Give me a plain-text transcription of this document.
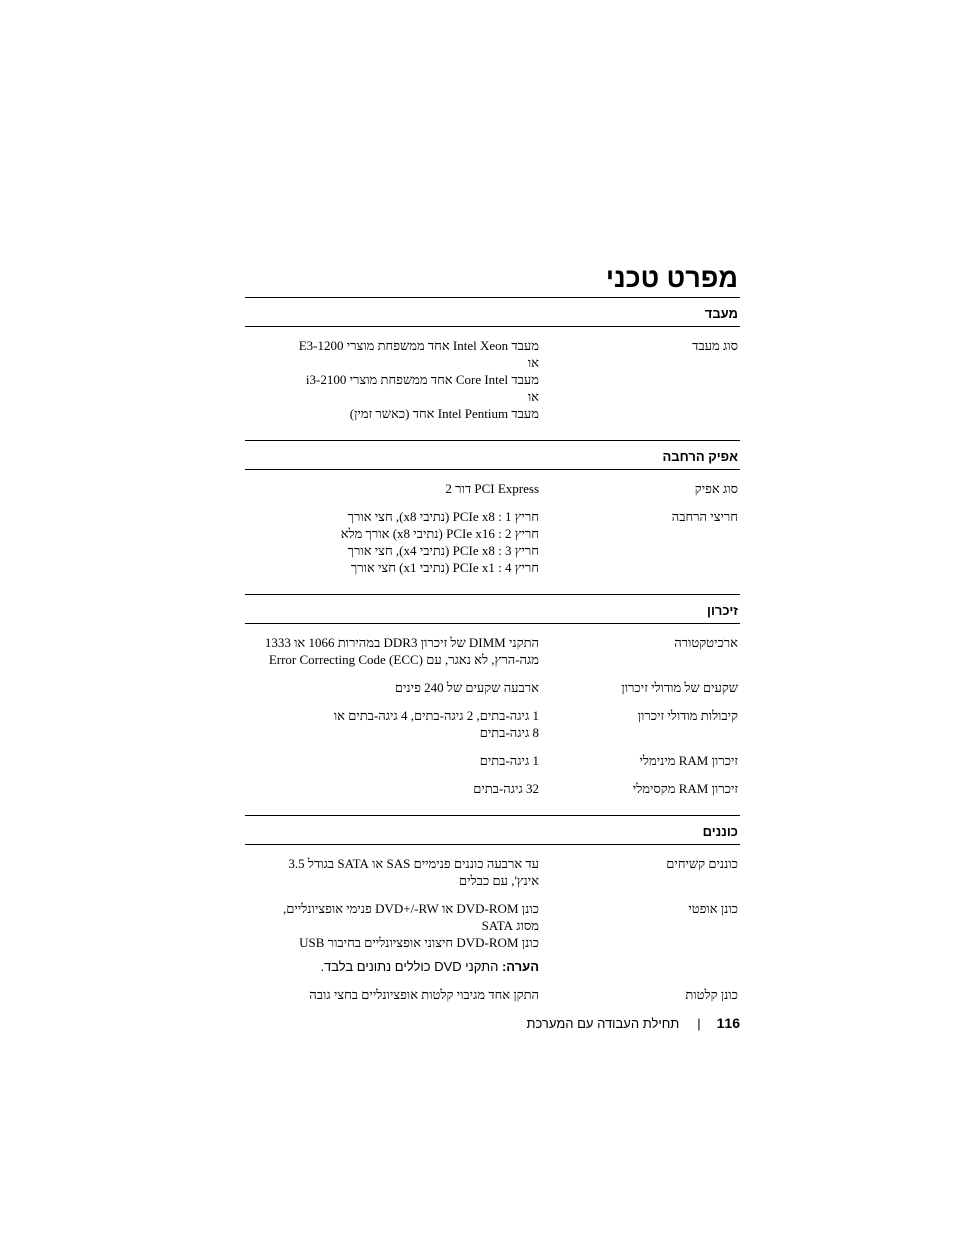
מפרט טכני
מעבד
סוג מעבד
מעבד Intel Xeon אחד ממשפחת מוצרי E3-1200
או
מעבד Core Intel אחד ממשפחת מוצרי i3-2100
או
מעבד Intel Pentium אחד (כאשר זמין)
אפיק הרחבה
סוג אפיק
PCI Express דור 2
חריצי הרחבה
חריץ 1 : PCIe x8 (נתיבי x8), חצי אורך
חריץ 2 : PCIe x16 (נתיבי x8) אורך מלא
חריץ 3 : PCIe x8 (נתיבי x4), חצי אורך
חריץ 4 : PCIe x1 (נתיבי x1) חצי אורך
זיכרון
ארכיטקטורה
התקני DIMM של זיכרון DDR3 במהירות 1066 או 1333
מגה-הרץ, לא נאגר, עם (ECC) Error Correcting Code
שקעים של מודולי זיכרון
ארבעה שקעים של 240 פינים
קיבולות מודולי זיכרון
1 גיגה-בתים, 2 גיגה-בתים, 4 גיגה-בתים או
8 גיגה-בתים
זיכרון RAM מינימלי
1 גיגה-בתים
זיכרון RAM מקסימלי
32 גיגה-בתים
כוננים
כוננים קשיחים
עד ארבעה כוננים פנימיים SAS או SATA בגודל 3.5
אינץ', עם כבלים
כונן אופטי
כונן DVD-ROM או DVD+/-RW פנימי אופציונליים,
מסוג SATA
כונן DVD-ROM חיצוני אופציונליים בחיבור USB
הערה: התקני DVD כוללים נתונים בלבד.
כונן קלטות
התקן אחד מגיבוי קלטות אופציונליים בחצי גובה
116|תחילת העבודה עם המערכת
